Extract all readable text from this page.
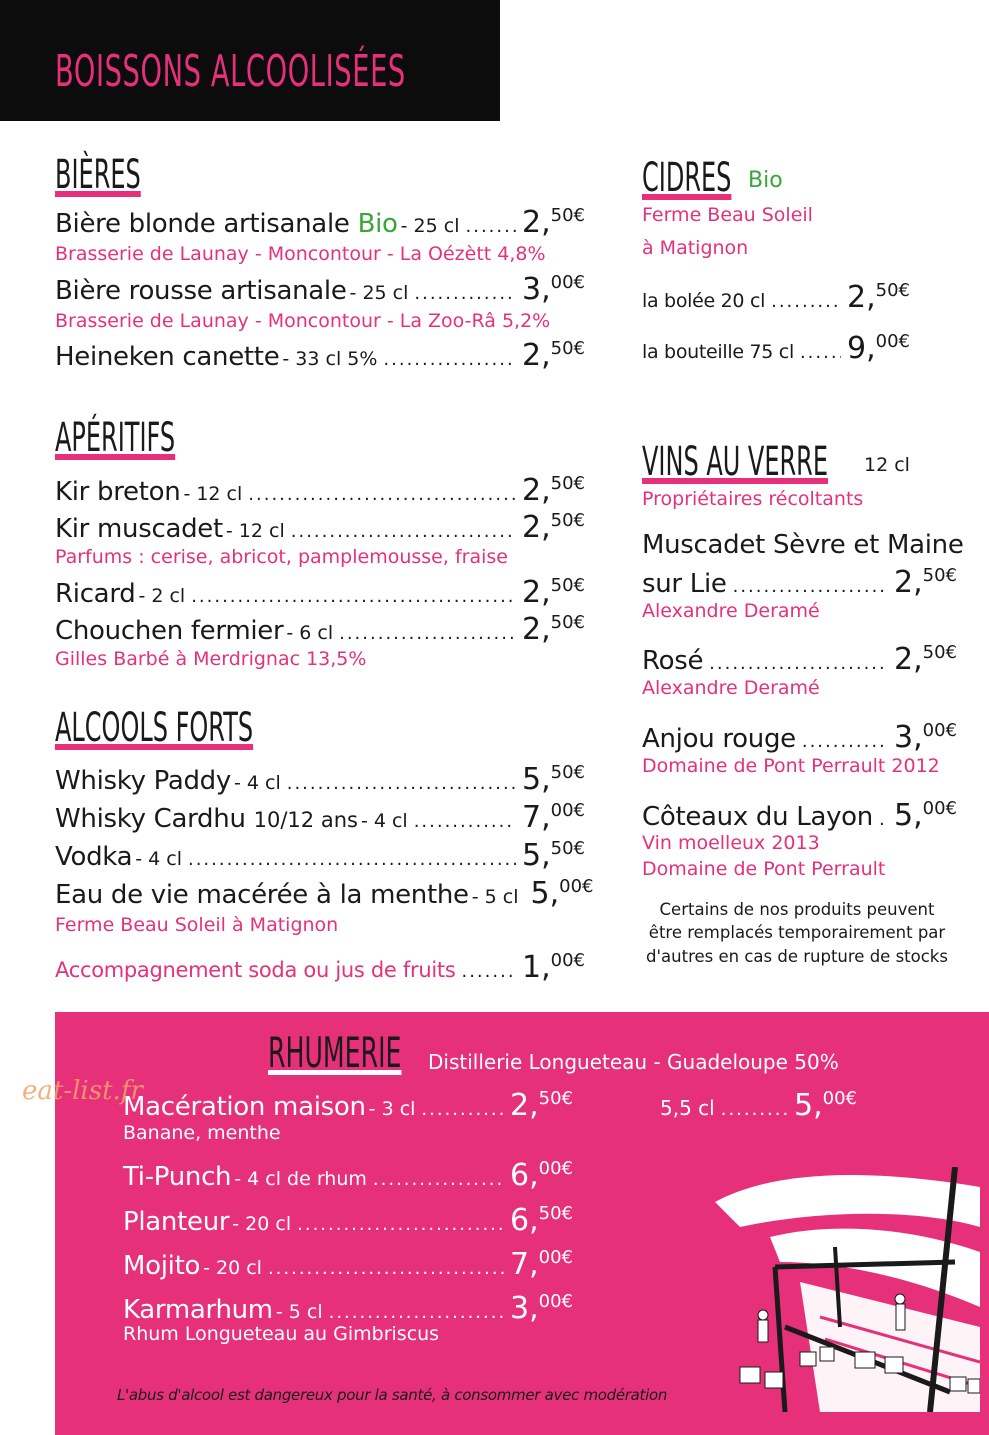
BOISSONS ALCOOLISÉES
BIÈRES
Bière blonde artisanale Bio - 25 cl ..... 2,$^{50€}$
Brasserie de Launay - Moncontour - La Oézètt 4,8%
Bière rousse artisanale - 25 cl .....	3,$^{00€}$
Brasserie de Launay - Moncontour - La Zoo-Râ 5,2%
Heineken canette - 33 cl 5% .....	2,$^{50€}$
APÉRITIFS
Kir breton - 12 cl .....	2,$^{50€}$
Kir muscadet - 12 cl .....	2,$^{50€}$
Parfums : cerise, abricot, pamplemousse, fraise
Ricard - 2 cl .....	2,$^{50€}$
Chouchen fermier - 6 cl .....	2,$^{50€}$
Gilles Barbé à Merdrignac 13,5%
ALCOOLS FORTS
Whisky Paddy - 4 cl .....	5,$^{50€}$
Whisky Cardhu 10/12 ans - 4 cl .....	7,$^{00€}$
Vodka - 4 cl .....	5,$^{50€}$
Eau de vie macérée à la menthe - 5 cl 5,$^{00€}$
Ferme Beau Soleil à Matignon
Accompagnement soda ou jus de fruits ..... 1,$^{00€}$
CIDRES Bio
Ferme Beau Soleil
à Matignon
la bolée 20 cl .....	2,$^{50€}$
la bouteille 75 cl ..... 9,$^{00€}$
VINS AU VERRE 12 cl
Propriétaires récoltants
Muscadet Sèvre et Maine
sur Lie .....	2,$^{50€}$
Alexandre Deramé
Rosé .....	2,$^{50€}$
Alexandre Deramé
Anjou rouge .....	3,$^{00€}$
Domaine de Pont Perrault 2012
Côteaux du Layon ..... 5,$^{00€}$
Vin moelleux 2013
Domaine de Pont Perrault
Certains de nos produits peuvent être remplacés temporairement par d'autres en cas de rupture de stocks
RHUMERIE Distillerie Longueteau - Guadeloupe 50%
Macération maison - 3 cl .....	2,$^{50€}$	5,5 cl .....	5,$^{00€}$
Banane, menthe
Ti-Punch - 4 cl de rhum .....	6,$^{00€}$
Planteur - 20 cl .....	6,$^{50€}$
Mojito - 20 cl .....	7,$^{00€}$
Karmarhum - 5 cl .....	3,$^{00€}$
Rhum Longueteau au Gimbriscus
L'abus d'alcool est dangereux pour la santé, à consommer avec modération
eat-list.fr
